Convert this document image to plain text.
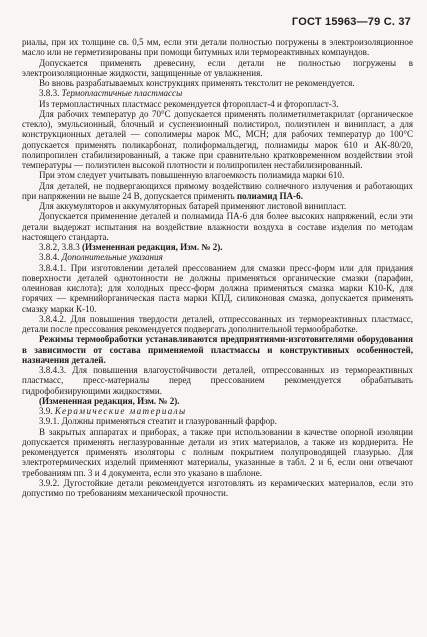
ГОСТ 15963—79 С. 37

риалы, при их толщине св. 0,5 мм, если эти детали полностью погружены в электроизоляционное масло или не герметизированы при помощи битумных или термореактивных компаундов.

Допускается применять древесину, если детали не полностью погружены в электроизоляционные жидкости, защищенные от увлажнения.

Во вновь разрабатываемых конструкциях применять текстолит не рекомендуется.

3.8.3. Термопластичные пластмассы

Из термопластичных пластмасс рекомендуется фторопласт-4 и фторопласт-3.

Для рабочих температур до 70°С допускается применять полиметилметакрилат (органическое стекло), эмульсионный, блочный и суспензионный полистирол, полиэтилен и винипласт, а для конструкционных деталей — сополимеры марок МС, МСН; для рабочих температур до 100°С допускается применять поликарбонат, полиформальдегид, полиамиды марок 610 и АК-80/20, полипропилен стабилизированный, а также при сравнительно кратковременном воздействии этой температуры — полиэтилен высокой плотности и полипропилен нестабилизированный.

При этом следует учитывать повышенную влагоемкость полиамида марки 610.

Для деталей, не подвергающихся прямому воздействию солнечного излучения и работающих при напряжении не выше 24 В, допускается применять полиамид ПА-6.

Для аккумуляторов и аккумуляторных батарей применяют листовой винипласт.

Допускается применение деталей и полиамида ПА-6 для более высоких напряжений, если эти детали выдержат испытания на воздействие влажности воздуха в составе изделия по методам настоящего стандарта.

3.8.2, 3.8.3 (Измененная редакция, Изм. № 2).

3.8.4. Дополнительные указания

3.8.4.1. При изготовлении деталей прессованием для смазки пресс-форм или для придания поверхности деталей однотонности не должны применяться органические смазки (парафин, олеиновая кислота); для холодных пресс-форм должна применяться смазка марки К10-К, для горячих — кремнийорганическая паста марки КПД, силиконовая смазка, допускается применять смазку марки К-10.

3.8.4.2. Для повышения твердости деталей, отпрессованных из термореактивных пластмасс, детали после прессования рекомендуется подвергать дополнительной термообработке.

Режимы термообработки устанавливаются предприятиями-изготовителями оборудования в зависимости от состава применяемой пластмассы и конструктивных особенностей, назначения деталей.

3.8.4.3. Для повышения влагоустойчивости деталей, отпрессованных из термореактивных пластмасс, пресс-материалы перед прессованием рекомендуется обрабатывать гидрофобизирующими жидкостями.

(Измененная редакция, Изм. № 2).

3.9. Керамические материалы

3.9.1. Должны применяться стеатит и глазурованный фарфор.

В закрытых аппаратах и приборах, а также при использовании в качестве опорной изоляции допускается применять неглазурованные детали из этих материалов, а также из кордиерита. Не рекомендуется применять изоляторы с полным покрытием полупроводящей глазурью. Для электротермических изделий применяют материалы, указанные в табл. 2 и 6, если они отвечают требованиям пп. 3 и 4 документа, если это указано в шаблоне.

3.9.2. Дугостойкие детали рекомендуется изготовлять из керамических материалов, если это допустимо по требованиям механической прочности.
